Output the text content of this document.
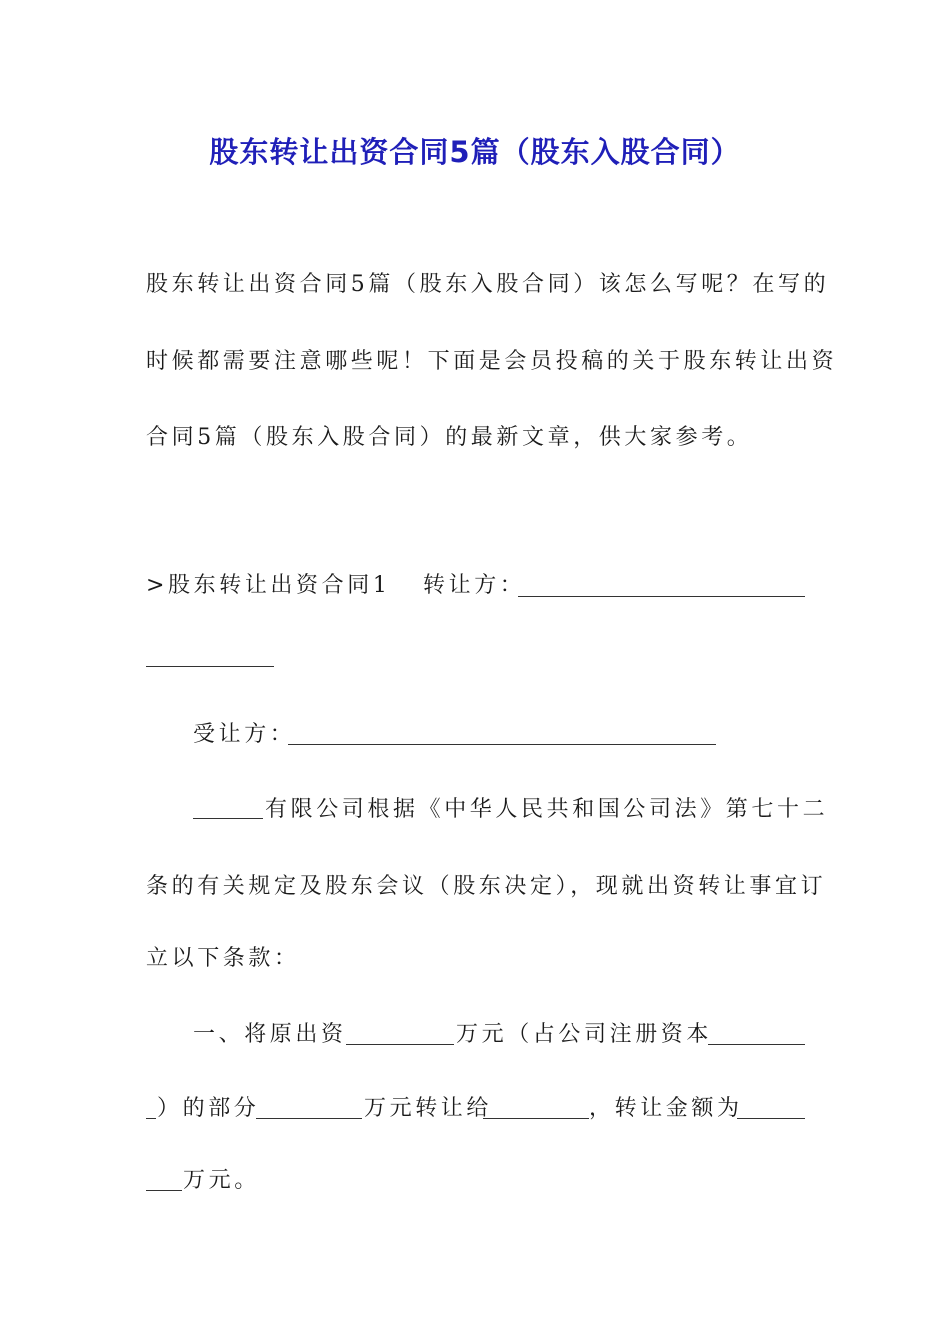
股东转让出资合同5篇（股东入股合同）
股东转让出资合同5篇（股东入股合同）该怎么写呢？在写的
时候都需要注意哪些呢！下面是会员投稿的关于股东转让出资
合同5篇（股东入股合同）的最新文章，供大家参考。
>股东转让出资合同1 转让方：
受让方：
有限公司根据《中华人民共和国公司法》第七十二
条的有关规定及股东会议（股东决定），现就出资转让事宜订
立以下条款：
一、将原出资	万元（占公司注册资本
）的部分	万元转让给	，转让金额为
万元。
